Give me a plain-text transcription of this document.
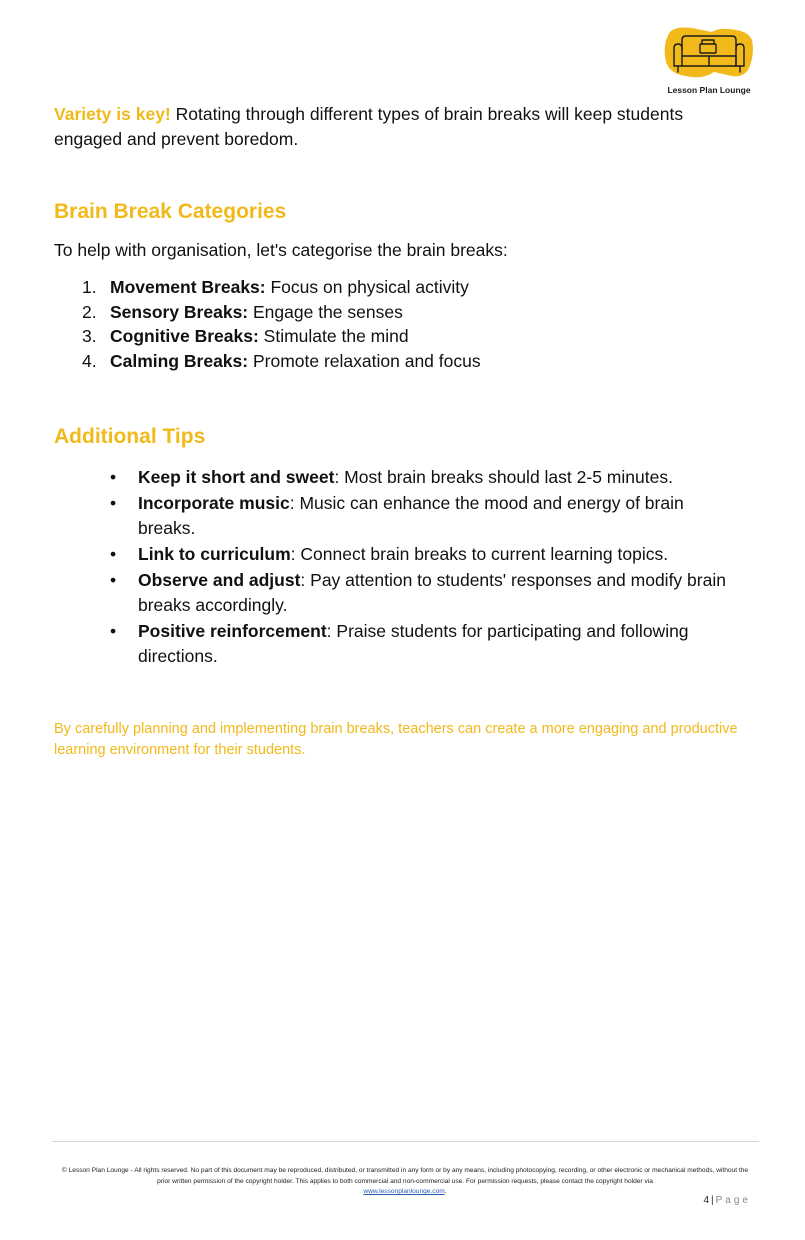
Lesson Plan Lounge

Variety is key! Rotating through different types of brain breaks will keep students engaged and prevent boredom.

Brain Break Categories

To help with organisation, let's categorise the brain breaks:

1. Movement Breaks: Focus on physical activity
2. Sensory Breaks: Engage the senses
3. Cognitive Breaks: Stimulate the mind
4. Calming Breaks: Promote relaxation and focus
Additional Tips
• Keep it short and sweet: Most brain breaks should last 2-5 minutes.
• Incorporate music: Music can enhance the mood and energy of brain breaks.
• Link to curriculum: Connect brain breaks to current learning topics.
• Observe and adjust: Pay attention to students' responses and modify brain breaks accordingly.
• Positive reinforcement: Praise students for participating and following directions.

By carefully planning and implementing brain breaks, teachers can create a more engaging and productive learning environment for their students.

© Lesson Plan Lounge - All rights reserved. No part of this document may be reproduced, distributed, or transmitted in any form or by any means, including photocopying, recording, or other electronic or mechanical methods, without the prior written permission of the copyright holder. This applies to both commercial and non-commercial use. For permission requests, please contact the copyright holder via
www.lessonplanlounge.com.
4 | Page
